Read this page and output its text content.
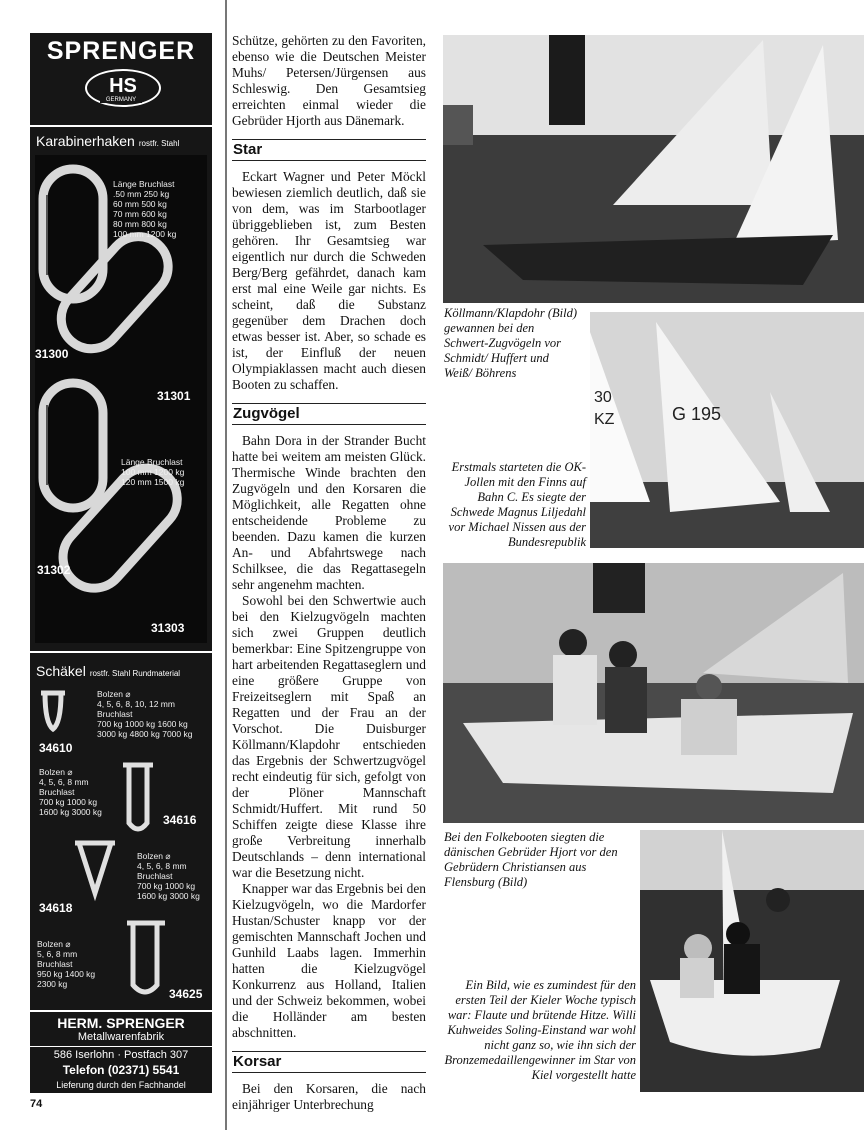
SPRENGER
HS
GERMANY
Karabinerhaken rostfr. Stahl
Länge Bruchlast
.50 mm 250 kg
60 mm 500 kg
70 mm 600 kg
80 mm 800 kg
100 mm 1200 kg
Länge Bruchlast
100 mm 1200 kg
120 mm 1500 kg
31300
31301
31302
31303
Schäkel rostfr. Stahl Rundmaterial
Bolzen ⌀
4, 5, 6, 8, 10, 12 mm
Bruchlast
700 kg 1000 kg 1600 kg
3000 kg 4800 kg 7000 kg
34610
Bolzen ⌀
4, 5, 6, 8 mm
Bruchlast
700 kg 1000 kg
1600 kg 3000 kg
34616
Bolzen ⌀
4, 5, 6, 8 mm
Bruchlast
700 kg 1000 kg
1600 kg 3000 kg
34618
Bolzen ⌀
5, 6, 8 mm
Bruchlast
950 kg 1400 kg
2300 kg
34625
HERM. SPRENGER
Metallwarenfabrik
586 Iserlohn · Postfach 307
Telefon (02371) 5541
Lieferung durch den Fachhandel

Schütze, gehörten zu den Favoriten, ebenso wie die Deutschen Meister Muhs/ Petersen/Jürgensen aus Schleswig. Den Gesamtsieg erreichten einmal wieder die Gebrüder Hjorth aus Dänemark.

Star

Eckart Wagner und Peter Möckl bewiesen ziemlich deutlich, daß sie von dem, was im Starbootlager übriggeblieben ist, zum Besten gehören. Ihr Gesamtsieg war eigentlich nur durch die Schweden Berg/Berg gefährdet, danach kam erst mal eine Weile gar nichts. Es scheint, daß die Substanz gegenüber dem Drachen doch etwas besser ist. Aber, so schade es ist, der Einfluß der neuen Olympiaklassen macht auch diesen Booten zu schaffen.

Zugvögel

Bahn Dora in der Strander Bucht hatte bei weitem am meisten Glück. Thermische Winde brachten den Zugvögeln und den Korsaren die Möglichkeit, alle Regatten ohne entscheidende Probleme zu beenden. Dazu kamen die kurzen An- und Abfahrtswege nach Schilksee, die das Regattasegeln sehr angenehm machten.

Sowohl bei den Schwertwie auch bei den Kielzugvögeln machten sich zwei Gruppen deutlich bemerkbar: Eine Spitzengruppe von hart arbeitenden Regattaseglern und eine größere Gruppe von Freizeitseglern mit Spaß an Regatten und der Frau an der Vorschot. Die Duisburger Köllmann/Klapdohr entschieden das Ergebnis der Schwertzugvögel recht eindeutig für sich, gefolgt von der Plöner Mannschaft Schmidt/Huffert. Mit rund 50 Schiffen zeigte diese Klasse ihre große Verbreitung innerhalb Deutschlands – denn international war die Besetzung nicht.

Knapper war das Ergebnis bei den Kielzugvögeln, wo die Mardorfer Hustan/Schuster knapp vor der gemischten Mannschaft Jochen und Gunhild Laabs lagen. Immerhin hatten die Kielzugvögel Konkurrenz aus Holland, Italien und der Schweiz bekommen, wobei die Holländer am besten abschnitten.

Korsar

Bei den Korsaren, die nach einjähriger Unterbrechung

Köllmann/Klapdohr (Bild) gewannen bei den Schwert-Zugvögeln vor Schmidt/ Huffert und Weiß/ Böhrens
30
KZ	G 195
Erstmals starteten die OK-Jollen mit den Finns auf Bahn C. Es siegte der Schwede Magnus Liljedahl vor Michael Nissen aus der Bundesrepublik
Bei den Folkebooten siegten die dänischen Gebrüder Hjort vor den Gebrüdern Christiansen aus Flensburg (Bild)
Ein Bild, wie es zumindest für den ersten Teil der Kieler Woche typisch war: Flaute und brütende Hitze. Willi Kuhweides Soling-Einstand war wohl nicht ganz so, wie ihn sich der Bronzemedaillengewinner im Star von Kiel vorgestellt hatte
74
